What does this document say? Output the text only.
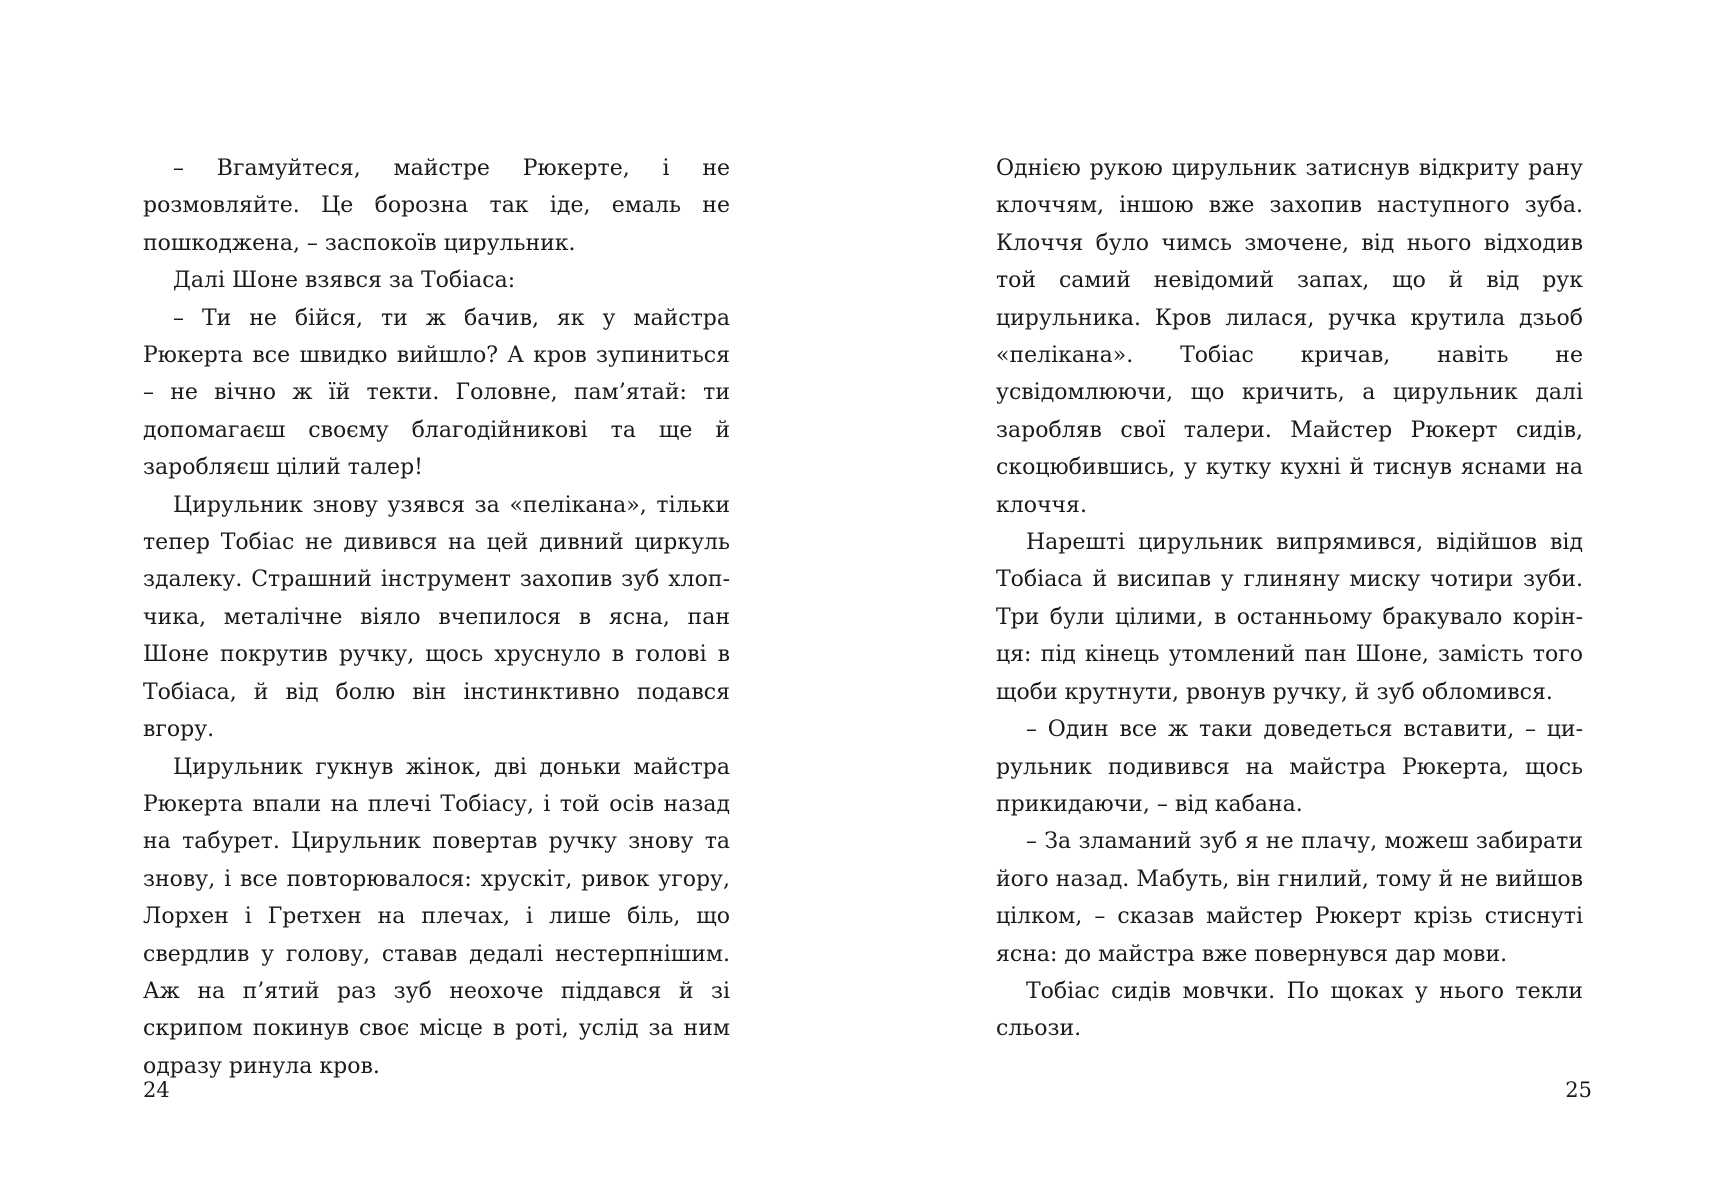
– Вгамуйтеся, майстре Рюкерте, і не розмовляйте. Це борозна так іде, емаль не пошкоджена, – заспокоїв цирульник.

Далі Шоне взявся за Тобіаса:

– Ти не бійся, ти ж бачив, як у майстра Рюкерта все швидко вийшло? А кров зупиниться – не вічно ж їй текти. Головне, пам’ятай: ти допомагаєш своєму благодійникові та ще й заробляєш цілий талер!

Цирульник знову узявся за «пелікана», тільки тепер Тобіас не дивився на цей дивний циркуль здалеку. Страшний інструмент захопив зуб хлопчика, металічне віяло вчепилося в ясна, пан Шоне покрутив ручку, щось хруснуло в голові в Тобіаса, й від болю він інстинктивно подався вгору.

Цирульник гукнув жінок, дві доньки майстра Рюкерта впали на плечі Тобіасу, і той осів назад на табурет. Цирульник повертав ручку знову та знову, і все повторювалося: хрускіт, ривок угору, Лорхен і Гретхен на плечах, і лише біль, що свердлив у голову, ставав дедалі нестерпнішим. Аж на п’ятий раз зуб неохоче піддався й зі скрипом покинув своє місце в роті, услід за ним одразу ринула кров.

24

Однією рукою цирульник затиснув відкриту рану клоччям, іншою вже захопив наступного зуба. Клоччя було чимсь змочене, від нього відходив той самий невідомий запах, що й від рук цирульника. Кров лилася, ручка крутила дзьоб «пелікана». Тобіас кричав, навіть не усвідомлюючи, що кричить, а цирульник далі заробляв свої талери. Майстер Рюкерт сидів, скоцюбившись, у кутку кухні й тиснув яснами на клоччя.

Нарешті цирульник випрямився, відійшов від Тобіаса й висипав у глиняну миску чотири зуби. Три були цілими, в останньому бракувало корінця: під кінець утомлений пан Шоне, замість того щоби крутнути, рвонув ручку, й зуб обломився.

– Один все ж таки доведеться вставити, – цирульник подивився на майстра Рюкерта, щось прикидаючи, – від кабана.

– За зламаний зуб я не плачу, можеш забирати його назад. Мабуть, він гнилий, тому й не вийшов цілком, – сказав майстер Рюкерт крізь стиснуті ясна: до майстра вже повернувся дар мови.

Тобіас сидів мовчки. По щоках у нього текли сльози.

25
